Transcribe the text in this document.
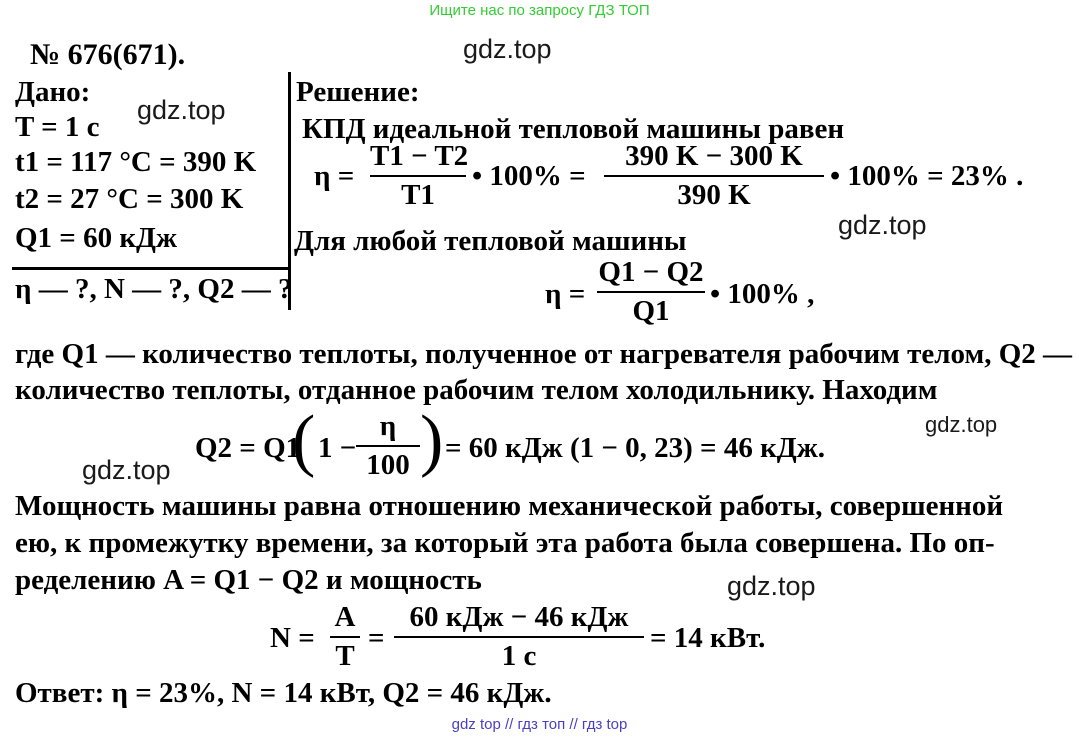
Ищите нас по запросу ГДЗ ТОП
gdz.top
gdz.top
gdz.top
gdz.top
gdz.top
gdz.top
№ 676(671).
Дано:
T = 1 c
t1 = 117 °C = 390 K
t2 = 27 °C = 300 K
Q1 = 60 кДж
η — ?, N — ?, Q2 — ?
Решение:
КПД идеальной тепловой машины равен
η =
T1 − T2
T1
• 100% =
390 K − 300 K
390 K
• 100% = 23% .
Для любой тепловой машины
η =
Q1 − Q2
Q1
• 100% ,
где Q1 — количество теплоты, полученное от нагревателя рабочим телом, Q2 —
количество теплоты, отданное рабочим телом холодильнику. Находим
Q2 = Q1
( 1 −
η
100 ) = 60 кДж (1 − 0, 23) = 46 кДж.
Мощность машины равна отношению механической работы, совершенной
ею, к промежутку времени, за который эта работа была совершена. По оп-
ределению A = Q1 − Q2 и мощность
N =
A
T
=
60 кДж − 46 кДж
1 c
= 14 кВт.
Ответ: η = 23%, N = 14 кВт, Q2 = 46 кДж.
gdz top // гдз топ // гдз top
